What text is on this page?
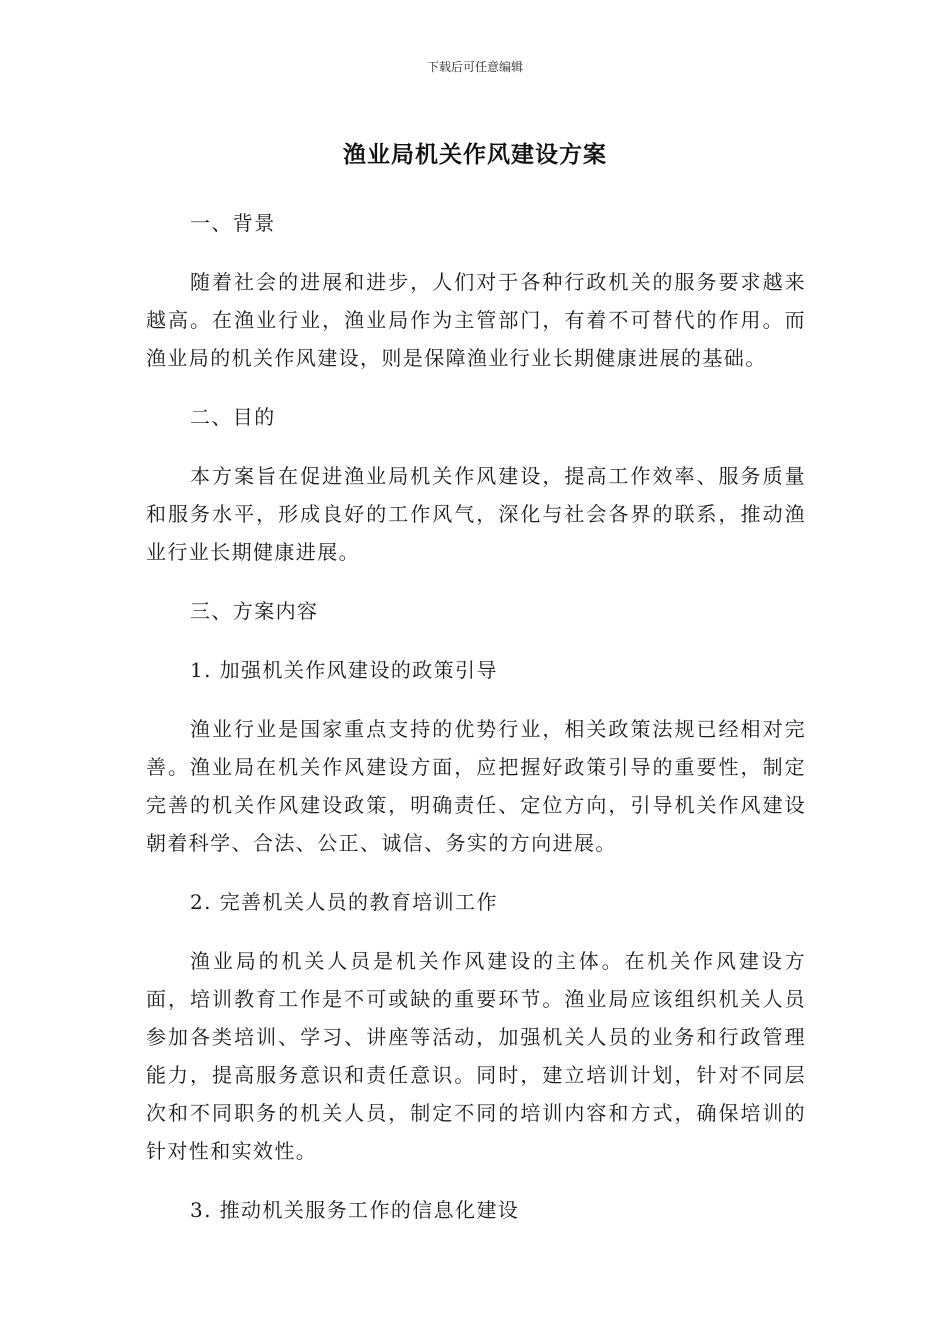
下载后可任意编辑
渔业局机关作风建设方案

一、背景

随着社会的进展和进步，人们对于各种行政机关的服务要求越来越高。在渔业行业，渔业局作为主管部门，有着不可替代的作用。而渔业局的机关作风建设，则是保障渔业行业长期健康进展的基础。

二、目的

本方案旨在促进渔业局机关作风建设，提高工作效率、服务质量和服务水平，形成良好的工作风气，深化与社会各界的联系，推动渔业行业长期健康进展。

三、方案内容

1. 加强机关作风建设的政策引导

渔业行业是国家重点支持的优势行业，相关政策法规已经相对完善。渔业局在机关作风建设方面，应把握好政策引导的重要性，制定完善的机关作风建设政策，明确责任、定位方向，引导机关作风建设朝着科学、合法、公正、诚信、务实的方向进展。

2. 完善机关人员的教育培训工作

渔业局的机关人员是机关作风建设的主体。在机关作风建设方面，培训教育工作是不可或缺的重要环节。渔业局应该组织机关人员参加各类培训、学习、讲座等活动，加强机关人员的业务和行政管理能力，提高服务意识和责任意识。同时，建立培训计划，针对不同层次和不同职务的机关人员，制定不同的培训内容和方式，确保培训的针对性和实效性。

3. 推动机关服务工作的信息化建设
